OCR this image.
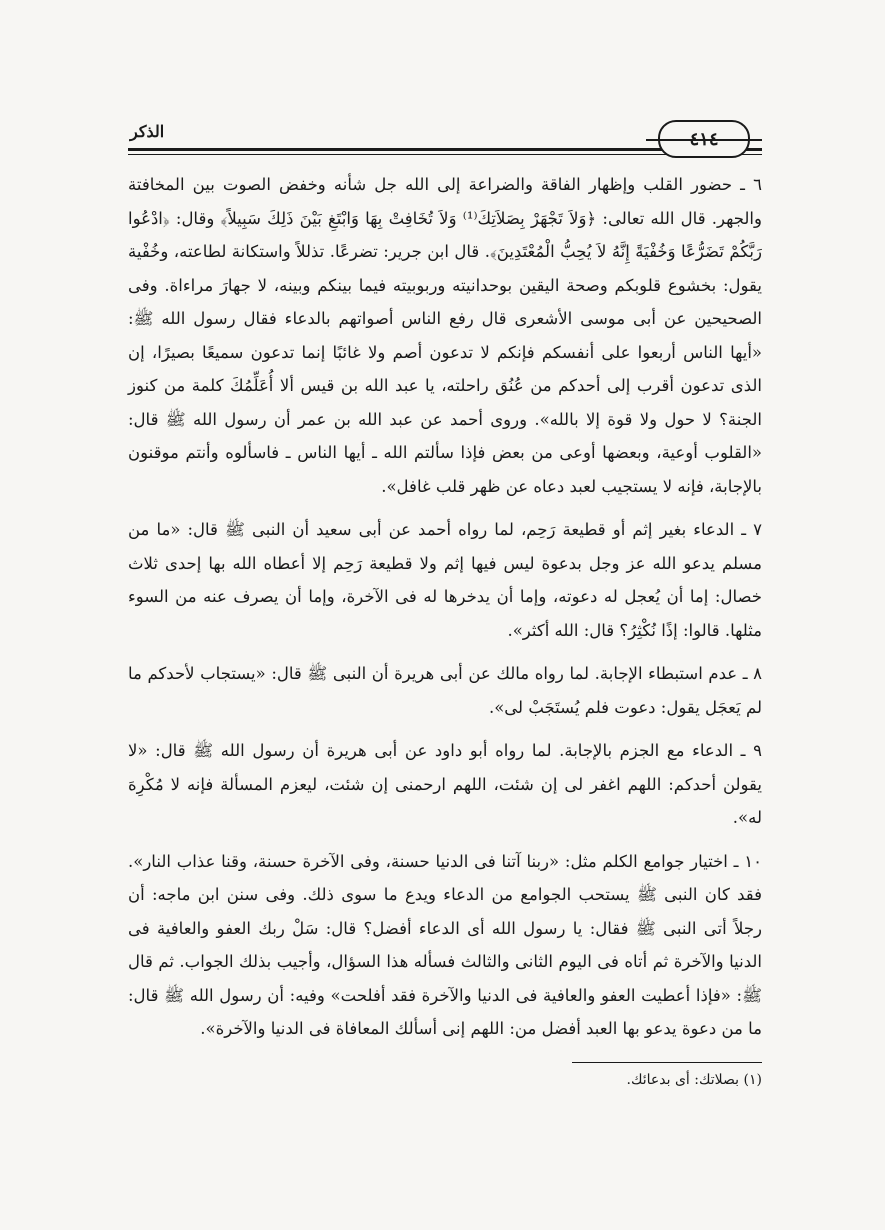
٤١٤
الذكر

٦ ـ حضور القلب وإظهار الفاقة والضراعة إلى الله جل شأنه وخفض الصوت بين المخافتة والجهر. قال الله تعالى: ﴿وَلاَ تَجْهَرْ بِصَلاَتِكَ⁽¹⁾ وَلاَ تُخَافِتْ بِهَا وَابْتَغِ بَيْنَ ذَلِكَ سَبِيلاً﴾ وقال: ﴿ادْعُوا رَبَّكُمْ تَضَرُّعًا وَخُفْيَةً إِنَّهُ لاَ يُحِبُّ الْمُعْتَدِينَ﴾. قال ابن جرير: تضرعًا. تذللاً واستكانة لطاعته، وخُفْية يقول: بخشوع قلوبكم وصحة اليقين بوحدانيته وربوبيته فيما بينكم وبينه، لا جهارَ مراءاة. وفى الصحيحين عن أبى موسى الأشعرى قال رفع الناس أصواتهم بالدعاء فقال رسول الله ﷺ: «أيها الناس أربعوا على أنفسكم فإنكم لا تدعون أصم ولا غائبًا إنما تدعون سميعًا بصيرًا، إن الذى تدعون أقرب إلى أحدكم من عُنُق راحلته، يا عبد الله بن قيس ألا أُعَلِّمُكَ كلمة من كنوز الجنة؟ لا حول ولا قوة إلا بالله». وروى أحمد عن عبد الله بن عمر أن رسول الله ﷺ قال: «القلوب أوعية، وبعضها أوعى من بعض فإذا سألتم الله ـ أيها الناس ـ فاسألوه وأنتم موقنون بالإجابة، فإنه لا يستجيب لعبد دعاه عن ظهر قلب غافل».

٧ ـ الدعاء بغير إثم أو قطيعة رَحِم، لما رواه أحمد عن أبى سعيد أن النبى ﷺ قال: «ما من مسلم يدعو الله عز وجل بدعوة ليس فيها إثم ولا قطيعة رَحِم إلا أعطاه الله بها إحدى ثلاث خصال: إما أن يُعجل له دعوته، وإما أن يدخرها له فى الآخرة، وإما أن يصرف عنه من السوء مثلها. قالوا: إذًا نُكْثِرُ؟ قال: الله أكثر».

٨ ـ عدم استبطاء الإجابة. لما رواه مالك عن أبى هريرة أن النبى ﷺ قال: «يستجاب لأحدكم ما لم يَعجَل يقول: دعوت فلم يُستَجَبْ لى».

٩ ـ الدعاء مع الجزم بالإجابة. لما رواه أبو داود عن أبى هريرة أن رسول الله ﷺ قال: «لا يقولن أحدكم: اللهم اغفر لى إن شئت، اللهم ارحمنى إن شئت، ليعزم المسألة فإنه لا مُكْرِهَ له».

١٠ ـ اختيار جوامع الكلم مثل: «ربنا آتنا فى الدنيا حسنة، وفى الآخرة حسنة، وقنا عذاب النار». فقد كان النبى ﷺ يستحب الجوامع من الدعاء ويدع ما سوى ذلك. وفى سنن ابن ماجه: أن رجلاً أتى النبى ﷺ فقال: يا رسول الله أى الدعاء أفضل؟ قال: سَلْ ربك العفو والعافية فى الدنيا والآخرة ثم أتاه فى اليوم الثانى والثالث فسأله هذا السؤال، وأجيب بذلك الجواب. ثم قال ﷺ: «فإذا أعطيت العفو والعافية فى الدنيا والآخرة فقد أفلحت» وفيه: أن رسول الله ﷺ قال: ما من دعوة يدعو بها العبد أفضل من: اللهم إنى أسألك المعافاة فى الدنيا والآخرة».

(١) بصلاتك: أى بدعائك.
